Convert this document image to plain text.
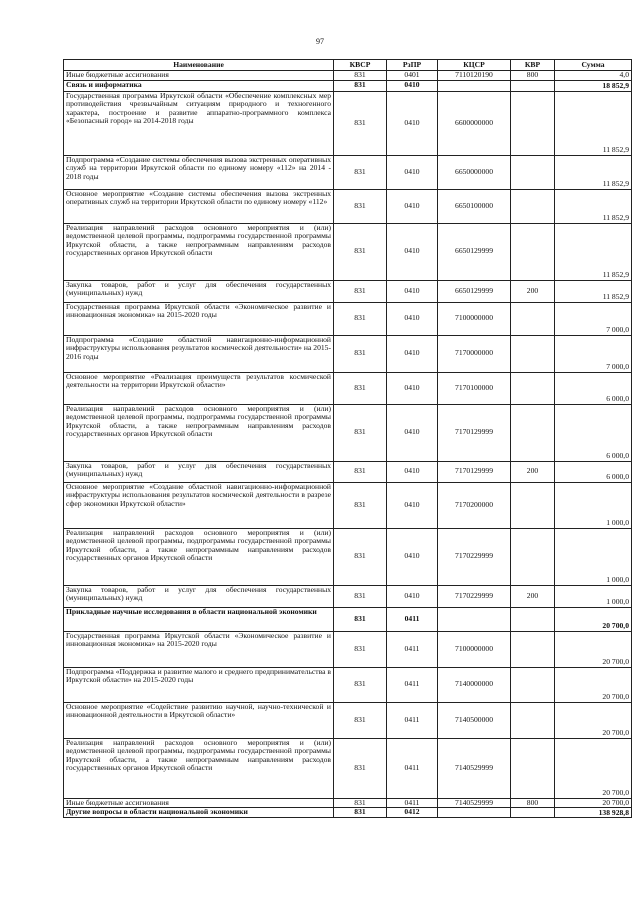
97
Наименование	КВСР	РзПР	КЦСР	КВР	Сумма
Иные бюджетные ассигнования	831	0401	7110120190	800	4,0
Связь и информатика	831	0410			18 852,9
Государственная программа Иркутской области «Обеспечение комплексных мер противодействия чрезвычайным ситуациям природного и техногенного характера, построение и развитие аппаратно-программного комплекса «Безопасный город» на 2014-2018 годы	831	0410	6600000000		11 852,9
Подпрограмма «Создание системы обеспечения вызова экстренных оперативных служб на территории Иркутской области по единому номеру «112» на 2014 - 2018 годы	831	0410	6650000000		11 852,9
Основное мероприятие «Создание системы обеспечения вызова экстренных оперативных служб на территории Иркутской области по единому номеру «112»	831	0410	6650100000		11 852,9
Реализация направлений расходов основного мероприятия и (или) ведомственной целевой программы, подпрограммы государственной программы Иркутской области, а также непрограммным направлениям расходов государственных органов Иркутской области	831	0410	6650129999		11 852,9
Закупка товаров, работ и услуг для обеспечения государственных (муниципальных) нужд	831	0410	6650129999	200	11 852,9
Государственная программа Иркутской области «Экономическое развитие и инновационная экономика» на 2015-2020 годы	831	0410	7100000000		7 000,0
Подпрограмма «Создание областной навигационно-информационной инфраструктуры использования результатов космической деятельности» на 2015-2016 годы	831	0410	7170000000		7 000,0
Основное мероприятие «Реализация преимуществ результатов космической деятельности на территории Иркутской области»	831	0410	7170100000		6 000,0
Реализация направлений расходов основного мероприятия и (или) ведомственной целевой программы, подпрограммы государственной программы Иркутской области, а также непрограммным направлениям расходов государственных органов Иркутской области	831	0410	7170129999		6 000,0
Закупка товаров, работ и услуг для обеспечения государственных (муниципальных) нужд	831	0410	7170129999	200	6 000,0
Основное мероприятие «Создание областной навигационно-информационной инфраструктуры использования результатов космической деятельности в разрезе сфер экономики Иркутской области»	831	0410	7170200000		1 000,0
Реализация направлений расходов основного мероприятия и (или) ведомственной целевой программы, подпрограммы государственной программы Иркутской области, а также непрограммным направлениям расходов государственных органов Иркутской области	831	0410	7170229999		1 000,0
Закупка товаров, работ и услуг для обеспечения государственных (муниципальных) нужд	831	0410	7170229999	200	1 000,0
Прикладные научные исследования в области национальной экономики	831	0411			20 700,0
Государственная программа Иркутской области «Экономическое развитие и инновационная экономика» на 2015-2020 годы	831	0411	7100000000		20 700,0
Подпрограмма «Поддержка и развитие малого и среднего предпринимательства в Иркутской области» на 2015-2020 годы	831	0411	7140000000		20 700,0
Основное мероприятие «Содействие развитию научной, научно-технической и инновационной деятельности в Иркутской области»	831	0411	7140500000		20 700,0
Реализация направлений расходов основного мероприятия и (или) ведомственной целевой программы, подпрограммы государственной программы Иркутской области, а также непрограммным направлениям расходов государственных органов Иркутской области	831	0411	7140529999		20 700,0
Иные бюджетные ассигнования	831	0411	7140529999	800	20 700,0
Другие вопросы в области национальной экономики	831	0412			138 928,8
